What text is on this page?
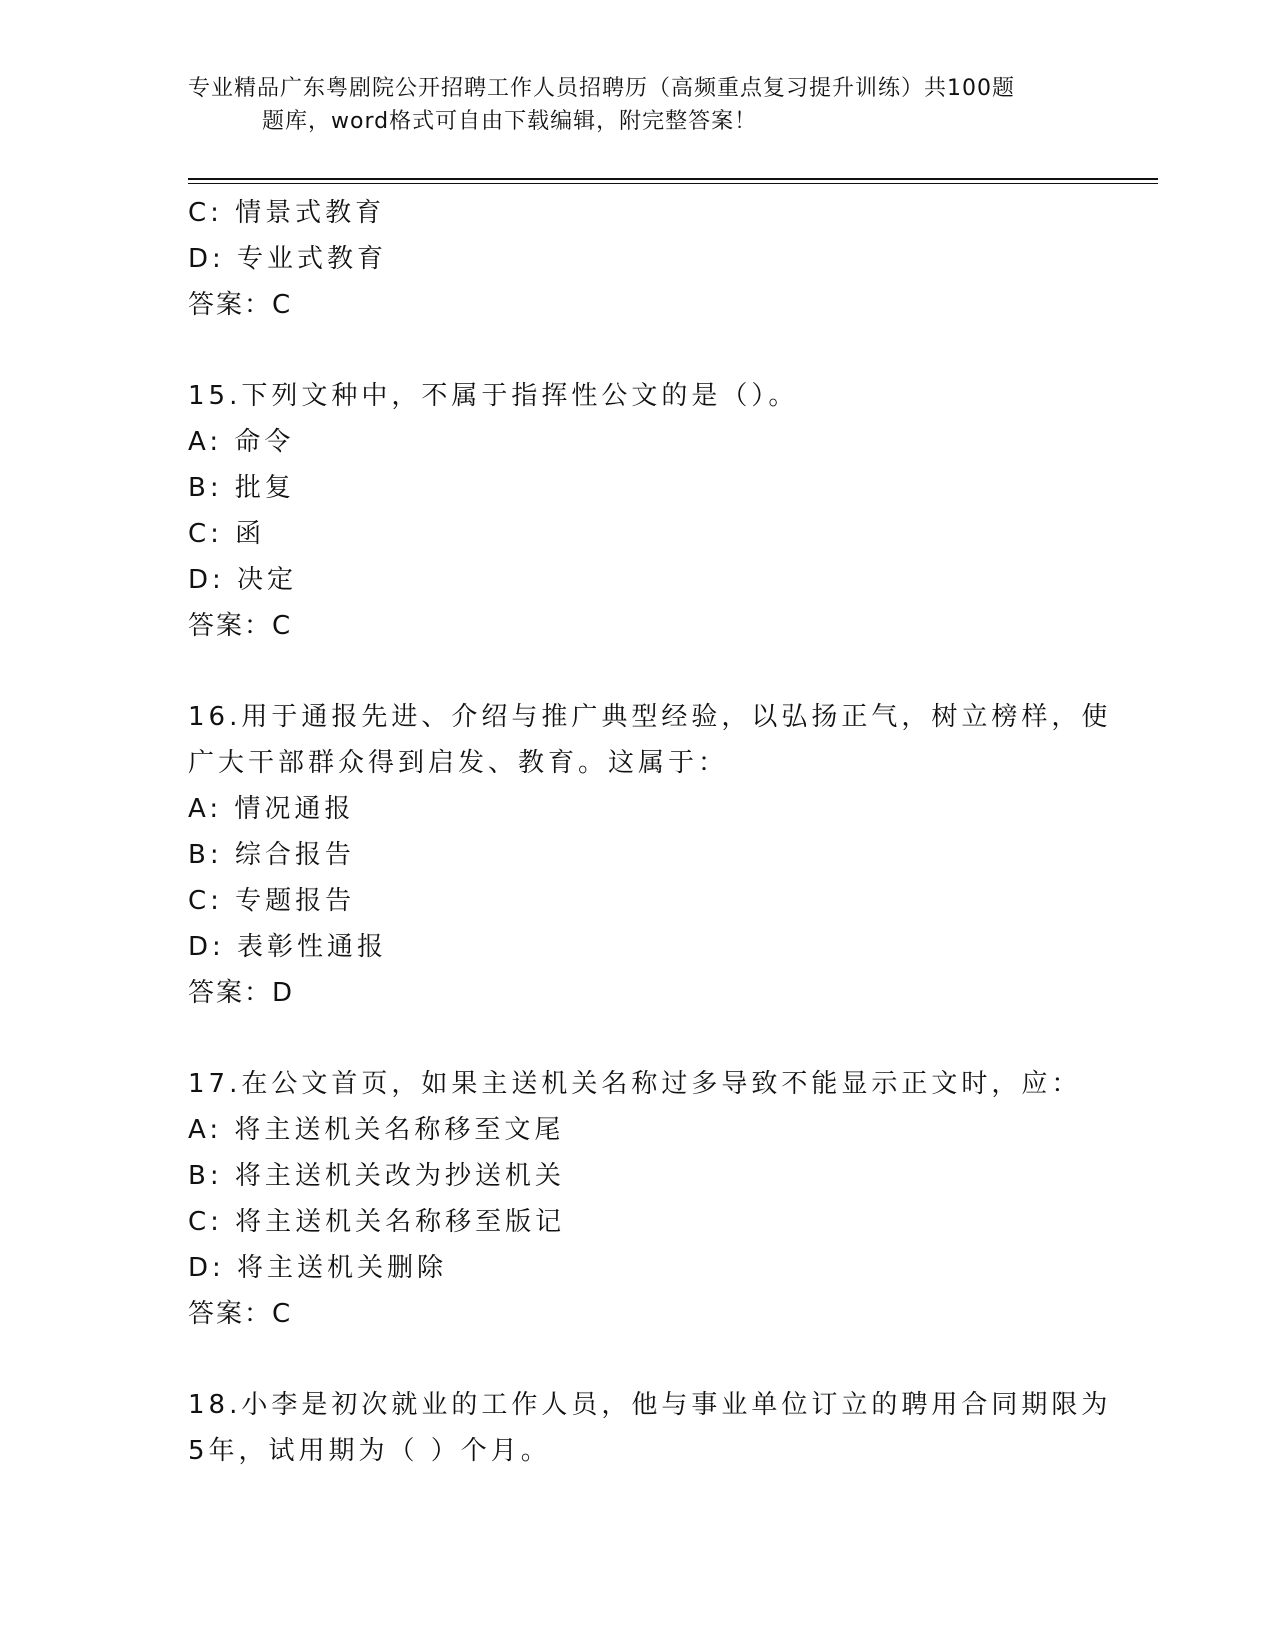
专业精品广东粤剧院公开招聘工作人员招聘历（高频重点复习提升训练）共100题
题库，word格式可自由下载编辑，附完整答案！
C: 情景式教育
D: 专业式教育
答案：C
15.下列文种中，不属于指挥性公文的是（）。
A: 命令
B: 批复
C: 函
D: 决定
答案：C
16.用于通报先进、介绍与推广典型经验，以弘扬正气，树立榜样，使
广大干部群众得到启发、教育。这属于：
A: 情况通报
B: 综合报告
C: 专题报告
D: 表彰性通报
答案：D
17.在公文首页，如果主送机关名称过多导致不能显示正文时，应：
A: 将主送机关名称移至文尾
B: 将主送机关改为抄送机关
C: 将主送机关名称移至版记
D: 将主送机关删除
答案：C
18.小李是初次就业的工作人员，他与事业单位订立的聘用合同期限为
5年，试用期为（ ）个月。
